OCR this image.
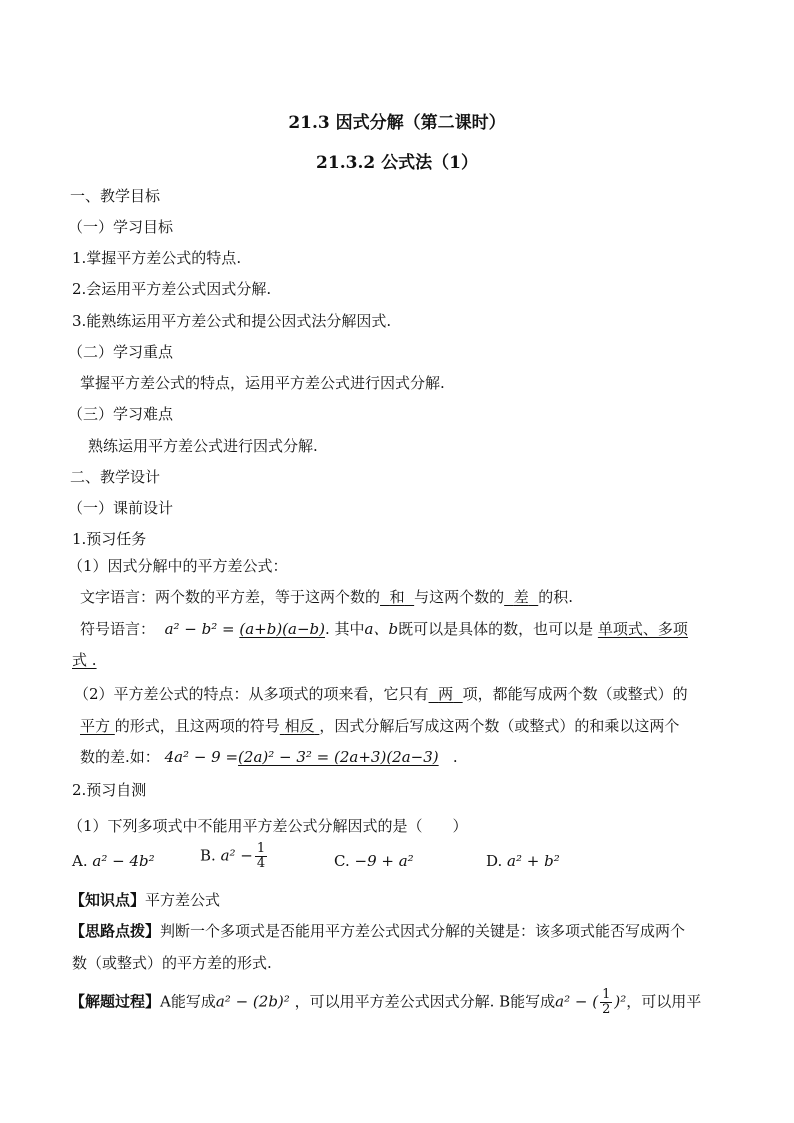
21.3 因式分解（第二课时）
21.3.2 公式法（1）
一、教学目标
（一）学习目标
1.掌握平方差公式的特点.
2.会运用平方差公式因式分解.
3.能熟练运用平方差公式和提公因式法分解因式.
（二）学习重点
掌握平方差公式的特点，运用平方差公式进行因式分解.
（三）学习难点
熟练运用平方差公式进行因式分解.
二、教学设计
（一）课前设计
1.预习任务
（1）因式分解中的平方差公式：
文字语言：两个数的平方差，等于这两个数的 和 与这两个数的 差 的积.
符号语言： a² − b² = (a+b)(a−b). 其中a、b既可以是具体的数，也可以是 单项式、多项
式 .
（2）平方差公式的特点：从多项式的项来看，它只有 两 项，都能写成两个数（或整式）的
平方 的形式，且这两项的符号 相反 ，因式分解后写成这两个数（或整式）的和乘以这两个
数的差.如： 4a² − 9 =(2a)² − 3² = (2a+3)(2a−3)   .
2.预习自测
（1）下列多项式中不能用平方差公式分解因式的是（ ）
A. a² − 4b²	B. $a^2 - \frac{1}{4}$	C. −9 + a²	D. a² + b²
【知识点】平方差公式
【思路点拨】判断一个多项式是否能用平方差公式因式分解的关键是：该多项式能否写成两个
数（或整式）的平方差的形式.
【解题过程】A能写成a² − (2b)² ，可以用平方差公式因式分解. B能写成a² − ( $\frac{1}{2} )^2$，可以用平
